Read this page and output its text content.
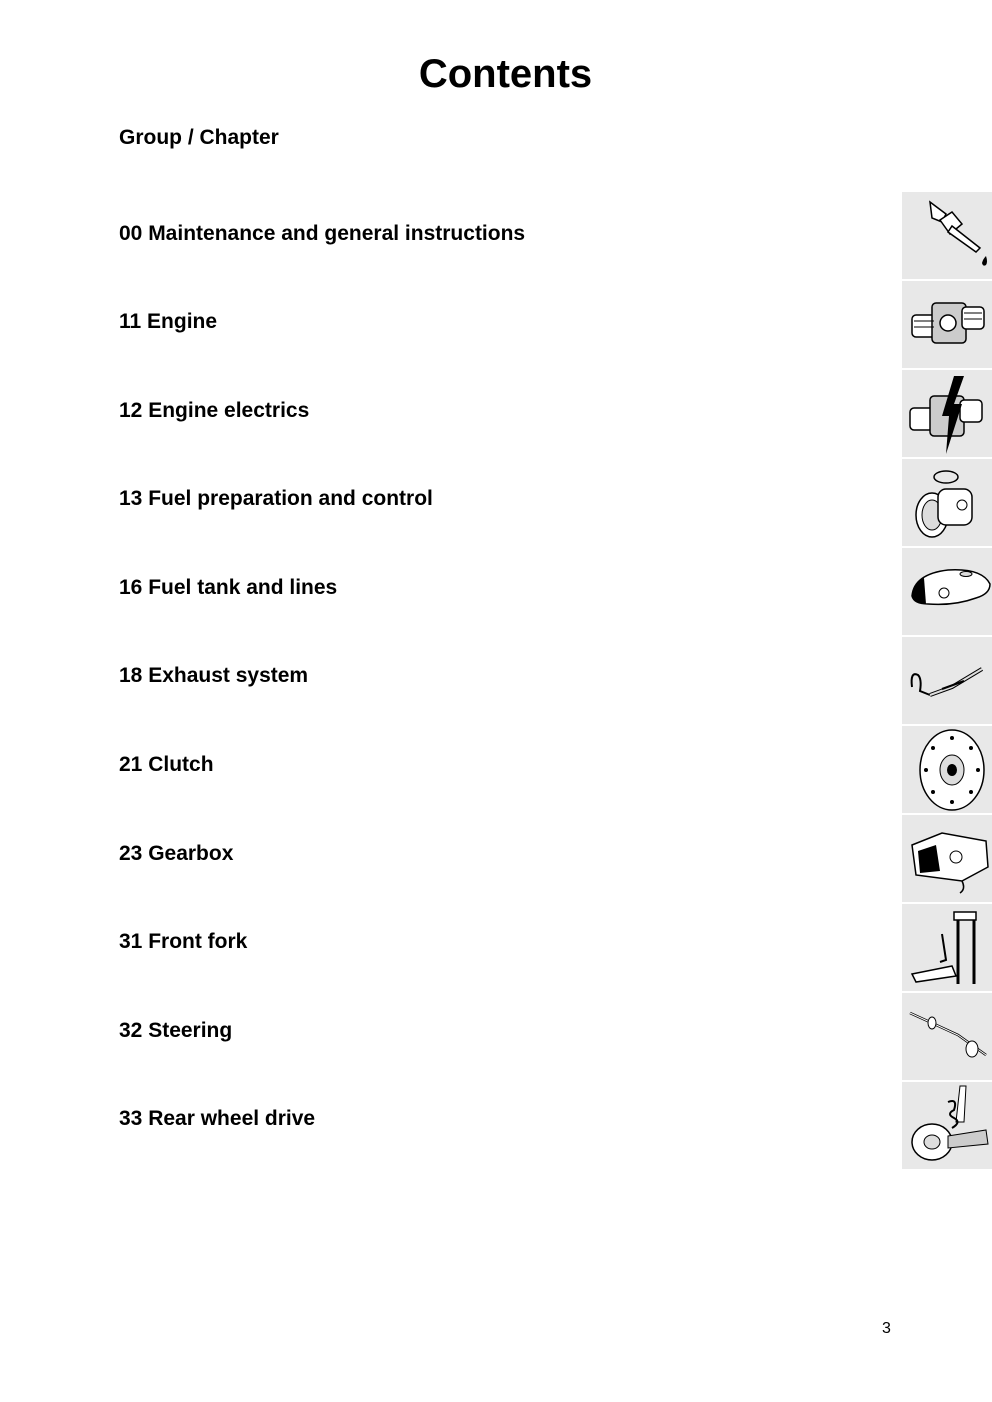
Contents
Group / Chapter
00 Maintenance and general instructions
11 Engine
12 Engine electrics
13 Fuel preparation and control
16 Fuel tank and lines
18 Exhaust system
21 Clutch
23 Gearbox
31 Front fork
32 Steering
33 Rear wheel drive
3
